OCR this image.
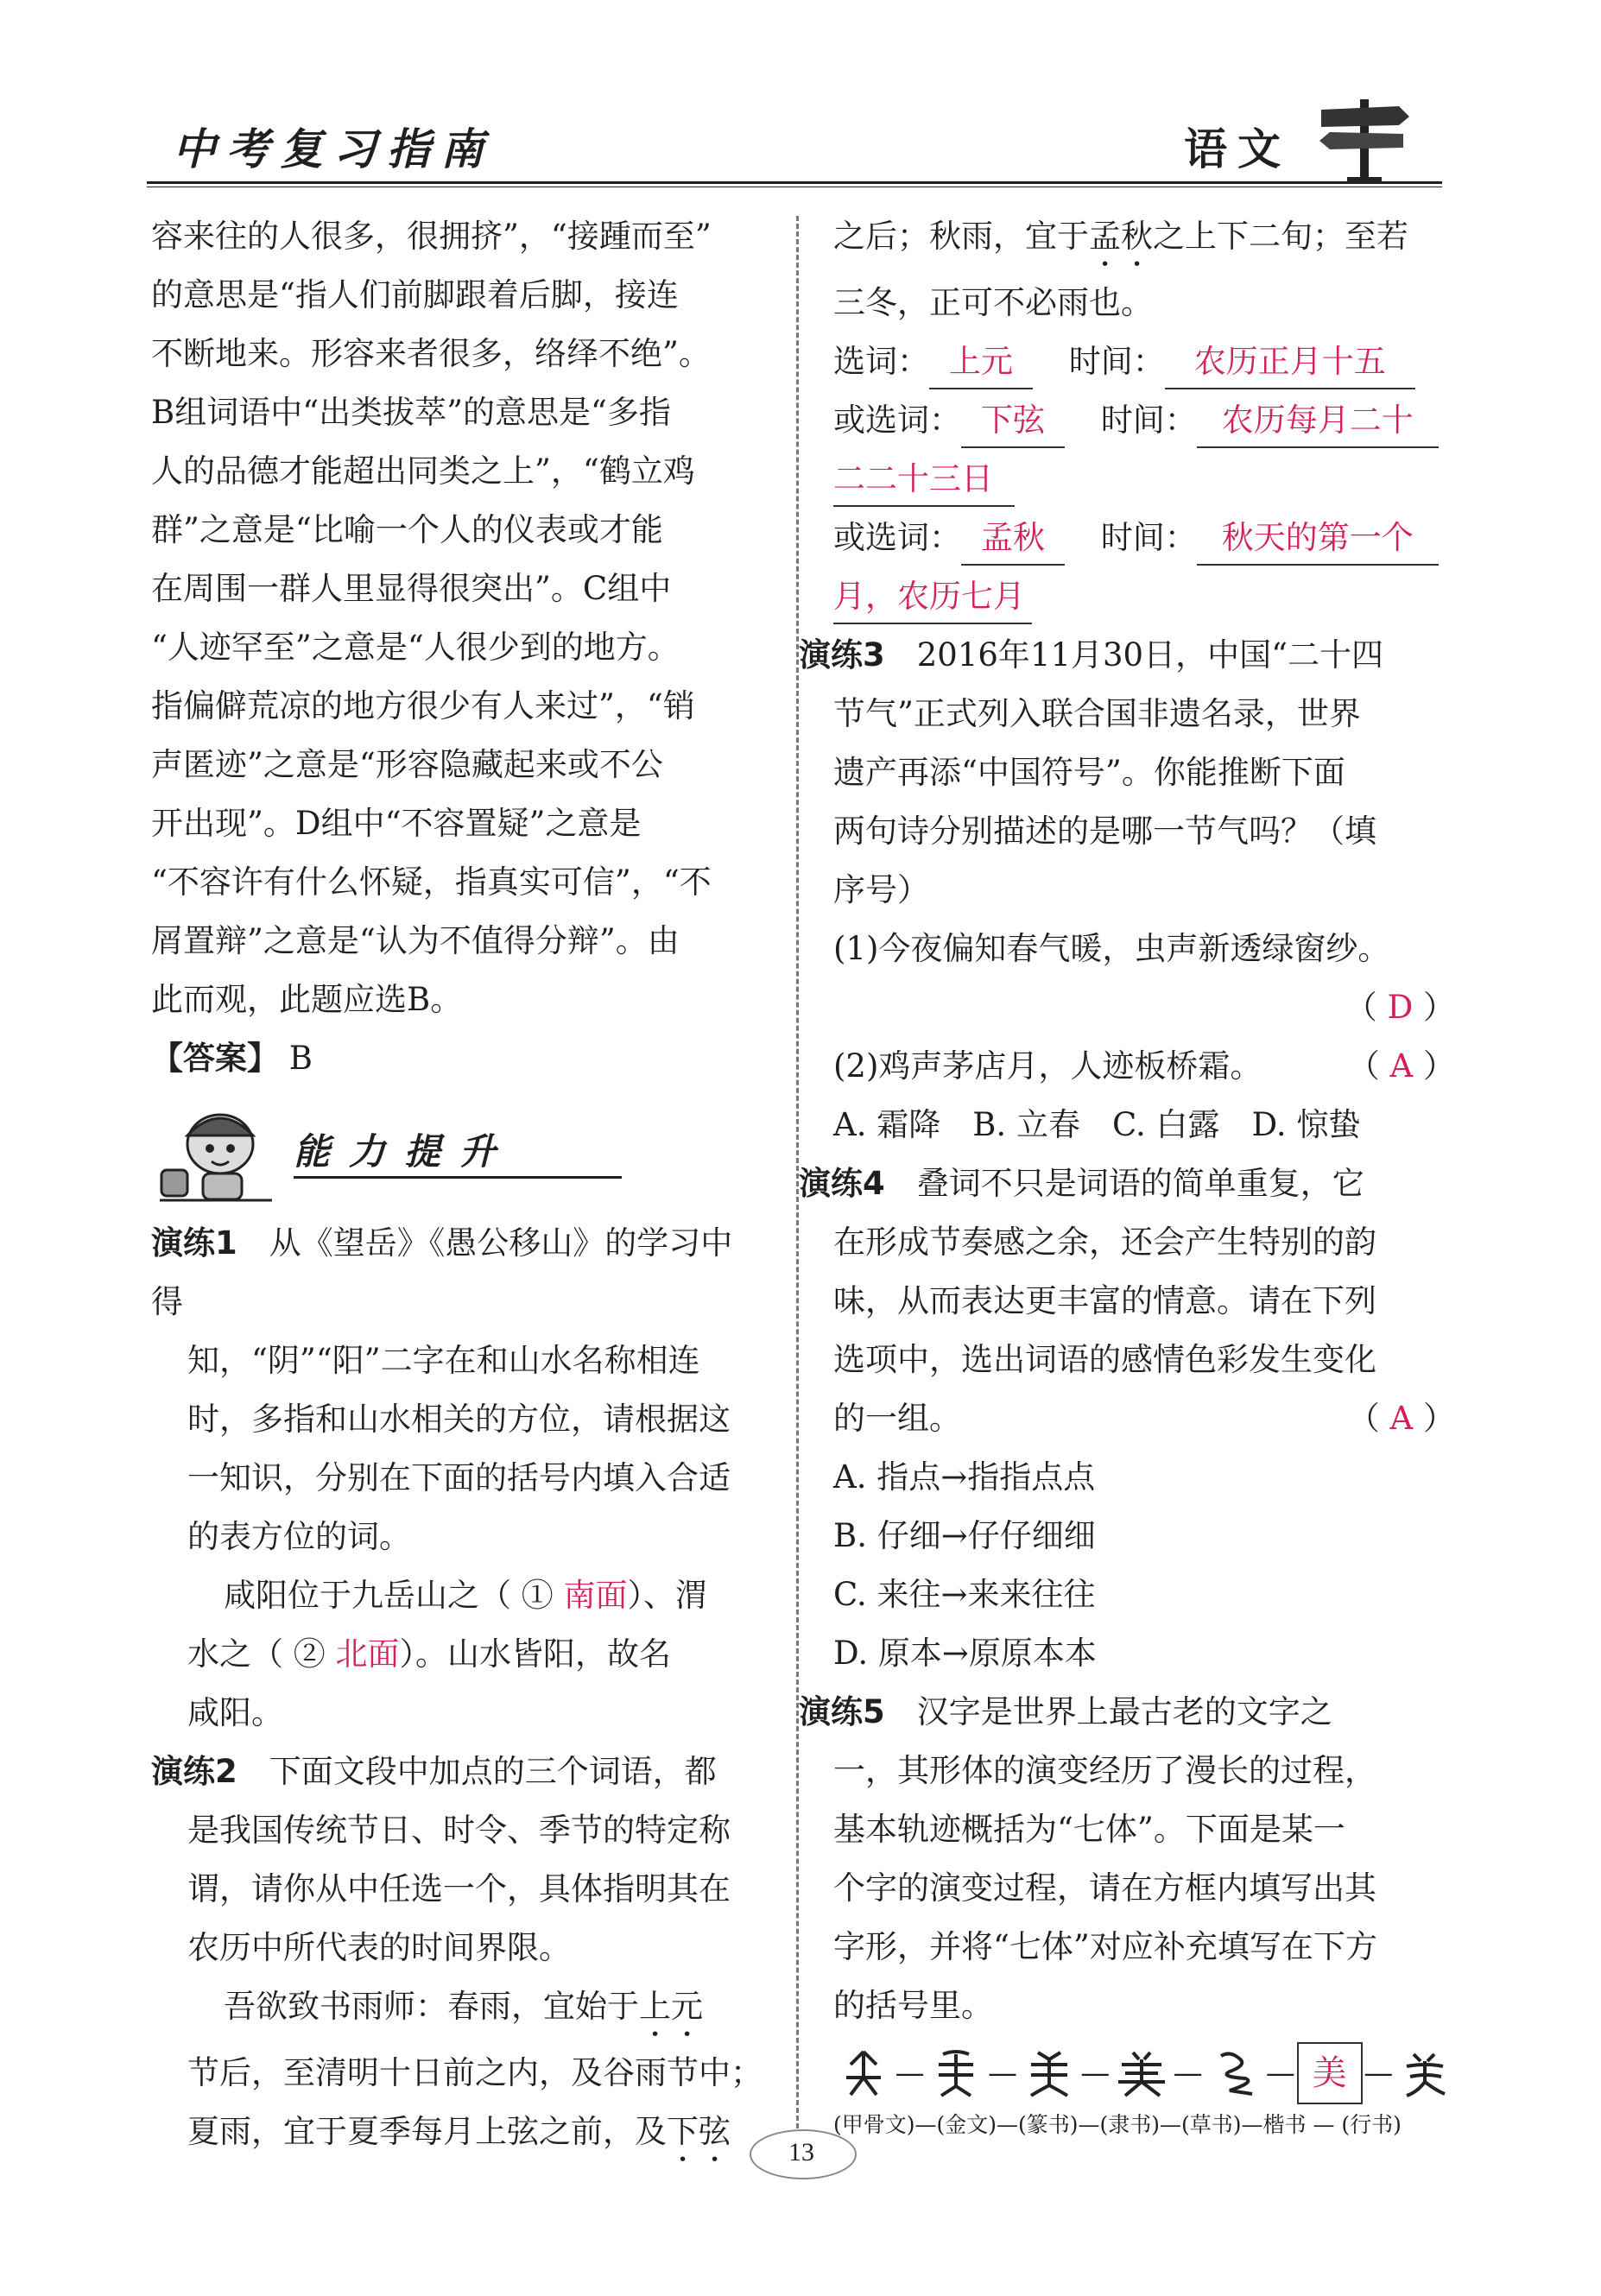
中考复习指南	语文

容来往的人很多，很拥挤”，“接踵而至”

的意思是“指人们前脚跟着后脚，接连

不断地来。形容来者很多，络绎不绝”。

B组词语中“出类拔萃”的意思是“多指

人的品德才能超出同类之上”，“鹤立鸡

群”之意是“比喻一个人的仪表或才能

在周围一群人里显得很突出”。C组中

“人迹罕至”之意是“人很少到的地方。

指偏僻荒凉的地方很少有人来过”，“销

声匿迹”之意是“形容隐藏起来或不公

开出现”。D组中“不容置疑”之意是

“不容许有什么怀疑，指真实可信”，“不

屑置辩”之意是“认为不值得分辩”。由

此而观，此题应选B。

【答案】 B

能力提升

演练1　 从《望岳》《愚公移山》的学习中得

知，“阴”“阳”二字在和山水名称相连

时，多指和山水相关的方位，请根据这

一知识，分别在下面的括号内填入合适

的表方位的词。

咸阳位于九岳山之（ ① 南面）、渭

水之（ ② 北面）。山水皆阳，故名

咸阳。

演练2　 下面文段中加点的三个词语，都

是我国传统节日、时令、季节的特定称

谓，请你从中任选一个，具体指明其在

农历中所代表的时间界限。

吾欲致书雨师：春雨，宜始于上元

节后，至清明十日前之内，及谷雨节中；

夏雨，宜于夏季每月上弦之前，及下弦

之后；秋雨，宜于孟秋之上下二旬；至若

三冬，正可不必雨也。

选词： 上元 时间： 农历正月十五

或选词： 下弦 时间： 农历每月二十

二二十三日

或选词： 孟秋 时间： 秋天的第一个

月，农历七月

演练3　 2016年11月30日，中国“二十四

节气”正式列入联合国非遗名录，世界

遗产再添“中国符号”。你能推断下面

两句诗分别描述的是哪一节气吗？（填

序号）

(1)今夜偏知春气暖，虫声新透绿窗纱。

（ D ）

(2)鸡声茅店月，人迹板桥霜。	（ A ）

A. 霜降　B. 立春　C. 白露　D. 惊蛰

演练4　 叠词不只是词语的简单重复，它

在形成节奏感之余，还会产生特别的韵

味，从而表达更丰富的情意。请在下列

选项中，选出词语的感情色彩发生变化

的一组。	（ A ）

A. 指点→指指点点

B. 仔细→仔仔细细

C. 来往→来来往往

D. 原本→原原本本

演练5　 汉字是世界上最古老的文字之

一，其形体的演变经历了漫长的过程，

基本轨迹概括为“七体”。下面是某一

个字的演变过程，请在方框内填写出其

字形，并将“七体”对应补充填写在下方

的括号里。

— — — — — 美 —
(甲骨文)—(金文)—(篆书)—(隶书)—(草书)—楷书 — (行书)
13
